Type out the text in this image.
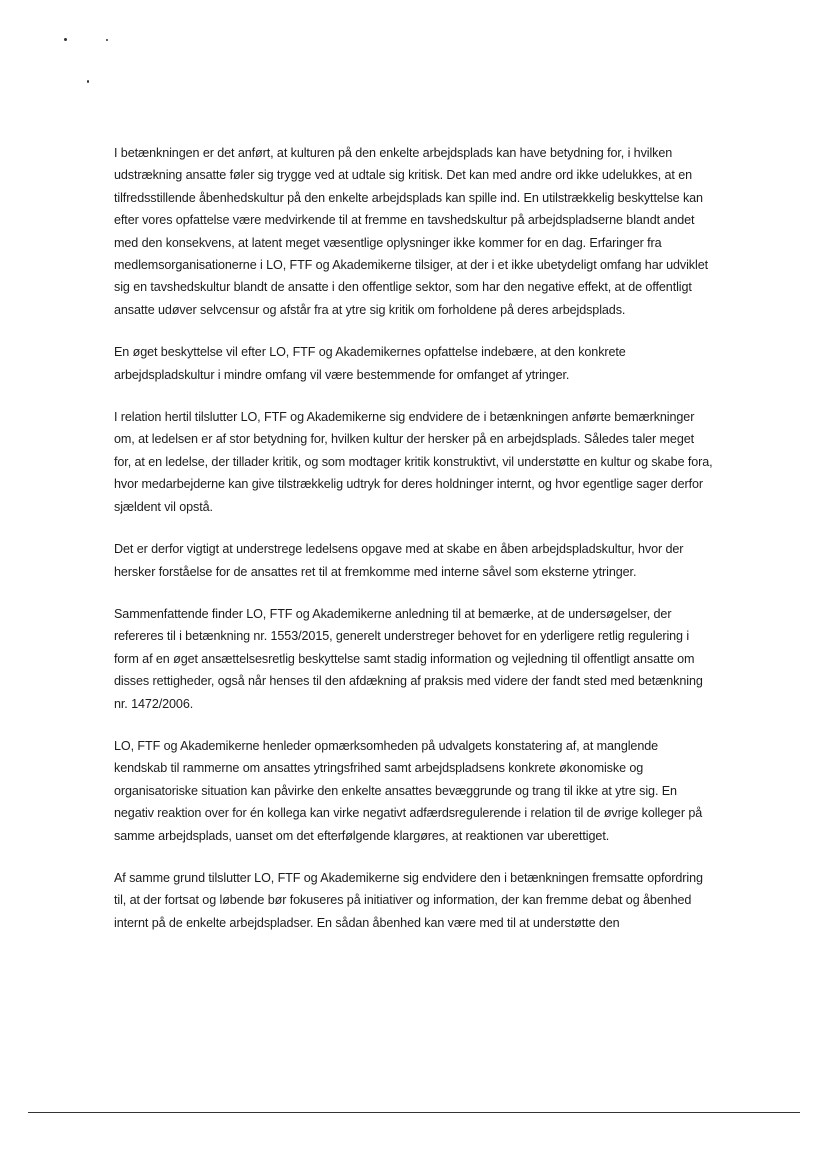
I betænkningen er det anført, at kulturen på den enkelte arbejdsplads kan have betydning for, i hvilken udstrækning ansatte føler sig trygge ved at udtale sig kritisk. Det kan med andre ord ikke udelukkes, at en tilfredsstillende åbenhedskultur på den enkelte arbejdsplads kan spille ind. En utilstrækkelig beskyttelse kan efter vores opfattelse være medvirkende til at fremme en tavshedskultur på arbejdspladserne blandt andet med den konsekvens, at latent meget væsentlige oplysninger ikke kommer for en dag. Erfaringer fra medlemsorganisationerne i LO, FTF og Akademikerne tilsiger, at der i et ikke ubetydeligt omfang har udviklet sig en tavshedskultur blandt de ansatte i den offentlige sektor, som har den negative effekt, at de offentligt ansatte udøver selvcensur og afstår fra at ytre sig kritik om forholdene på deres arbejdsplads.

En øget beskyttelse vil efter LO, FTF og Akademikernes opfattelse indebære, at den konkrete arbejdspladskultur i mindre omfang vil være bestemmende for omfanget af ytringer.

I relation hertil tilslutter LO, FTF og Akademikerne sig endvidere de i betænkningen anførte bemærkninger om, at ledelsen er af stor betydning for, hvilken kultur der hersker på en arbejdsplads. Således taler meget for, at en ledelse, der tillader kritik, og som modtager kritik konstruktivt, vil understøtte en kultur og skabe fora, hvor medarbejderne kan give tilstrækkelig udtryk for deres holdninger internt, og hvor egentlige sager derfor sjældent vil opstå.

Det er derfor vigtigt at understrege ledelsens opgave med at skabe en åben arbejdspladskultur, hvor der hersker forståelse for de ansattes ret til at fremkomme med interne såvel som eksterne ytringer.

Sammenfattende finder LO, FTF og Akademikerne anledning til at bemærke, at de undersøgelser, der refereres til i betænkning nr. 1553/2015, generelt understreger behovet for en yderligere retlig regulering i form af en øget ansættelsesretlig beskyttelse samt stadig information og vejledning til offentligt ansatte om disses rettigheder, også når henses til den afdækning af praksis med videre der fandt sted med betænkning nr. 1472/2006.

LO, FTF og Akademikerne henleder opmærksomheden på udvalgets konstatering af, at manglende kendskab til rammerne om ansattes ytringsfrihed samt arbejdspladsens konkrete økonomiske og organisatoriske situation kan påvirke den enkelte ansattes bevæggrunde og trang til ikke at ytre sig. En negativ reaktion over for én kollega kan virke negativt adfærdsregulerende i relation til de øvrige kolleger på samme arbejdsplads, uanset om det efterfølgende klargøres, at reaktionen var uberettiget.

Af samme grund tilslutter LO, FTF og Akademikerne sig endvidere den i betænkningen fremsatte opfordring til, at der fortsat og løbende bør fokuseres på initiativer og information, der kan fremme debat og åbenhed internt på de enkelte arbejdspladser. En sådan åbenhed kan være med til at understøtte den
